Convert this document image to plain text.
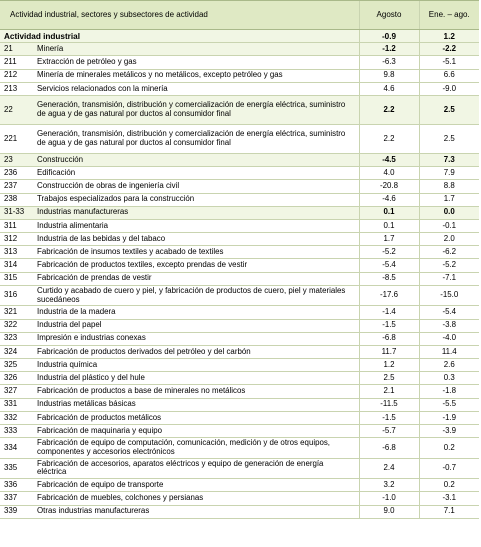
Actividad industrial, sectores y subsectores de actividad		Agosto	Ene. – ago.
Actividad industrial		-0.9	1.2
21	Minería	-1.2	-2.2
211	Extracción de petróleo y gas	-6.3	-5.1
212	Minería de minerales metálicos y no metálicos, excepto petróleo y gas	9.8	6.6
213	Servicios relacionados con la minería	4.6	-9.0
22	Generación, transmisión, distribución y comercialización de energía eléctrica, suministro de agua y de gas natural por ductos al consumidor final	2.2	2.5
221	Generación, transmisión, distribución y comercialización de energía eléctrica, suministro de agua y de gas natural por ductos al consumidor final	2.2	2.5
23	Construcción	-4.5	7.3
236	Edificación	4.0	7.9
237	Construcción de obras de ingeniería civil	-20.8	8.8
238	Trabajos especializados para la construcción	-4.6	1.7
31-33	Industrias manufactureras	0.1	0.0
311	Industria alimentaria	0.1	-0.1
312	Industria de las bebidas y del tabaco	1.7	2.0
313	Fabricación de insumos textiles y acabado de textiles	-5.2	-6.2
314	Fabricación de productos textiles, excepto prendas de vestir	-5.4	-5.2
315	Fabricación de prendas de vestir	-8.5	-7.1
316	Curtido y acabado de cuero y piel, y fabricación de productos de cuero, piel y materiales sucedáneos	-17.6	-15.0
321	Industria de la madera	-1.4	-5.4
322	Industria del papel	-1.5	-3.8
323	Impresión e industrias conexas	-6.8	-4.0
324	Fabricación de productos derivados del petróleo y del carbón	11.7	11.4
325	Industria química	1.2	2.6
326	Industria del plástico y del hule	2.5	0.3
327	Fabricación de productos a base de minerales no metálicos	2.1	-1.8
331	Industrias metálicas básicas	-11.5	-5.5
332	Fabricación de productos metálicos	-1.5	-1.9
333	Fabricación de maquinaria y equipo	-5.7	-3.9
334	Fabricación de equipo de computación, comunicación, medición y de otros equipos, componentes y accesorios electrónicos	-6.8	0.2
335	Fabricación de accesorios, aparatos eléctricos y equipo de generación de energía eléctrica	2.4	-0.7
336	Fabricación de equipo de transporte	3.2	0.2
337	Fabricación de muebles, colchones y persianas	-1.0	-3.1
339	Otras industrias manufactureras	9.0	7.1
